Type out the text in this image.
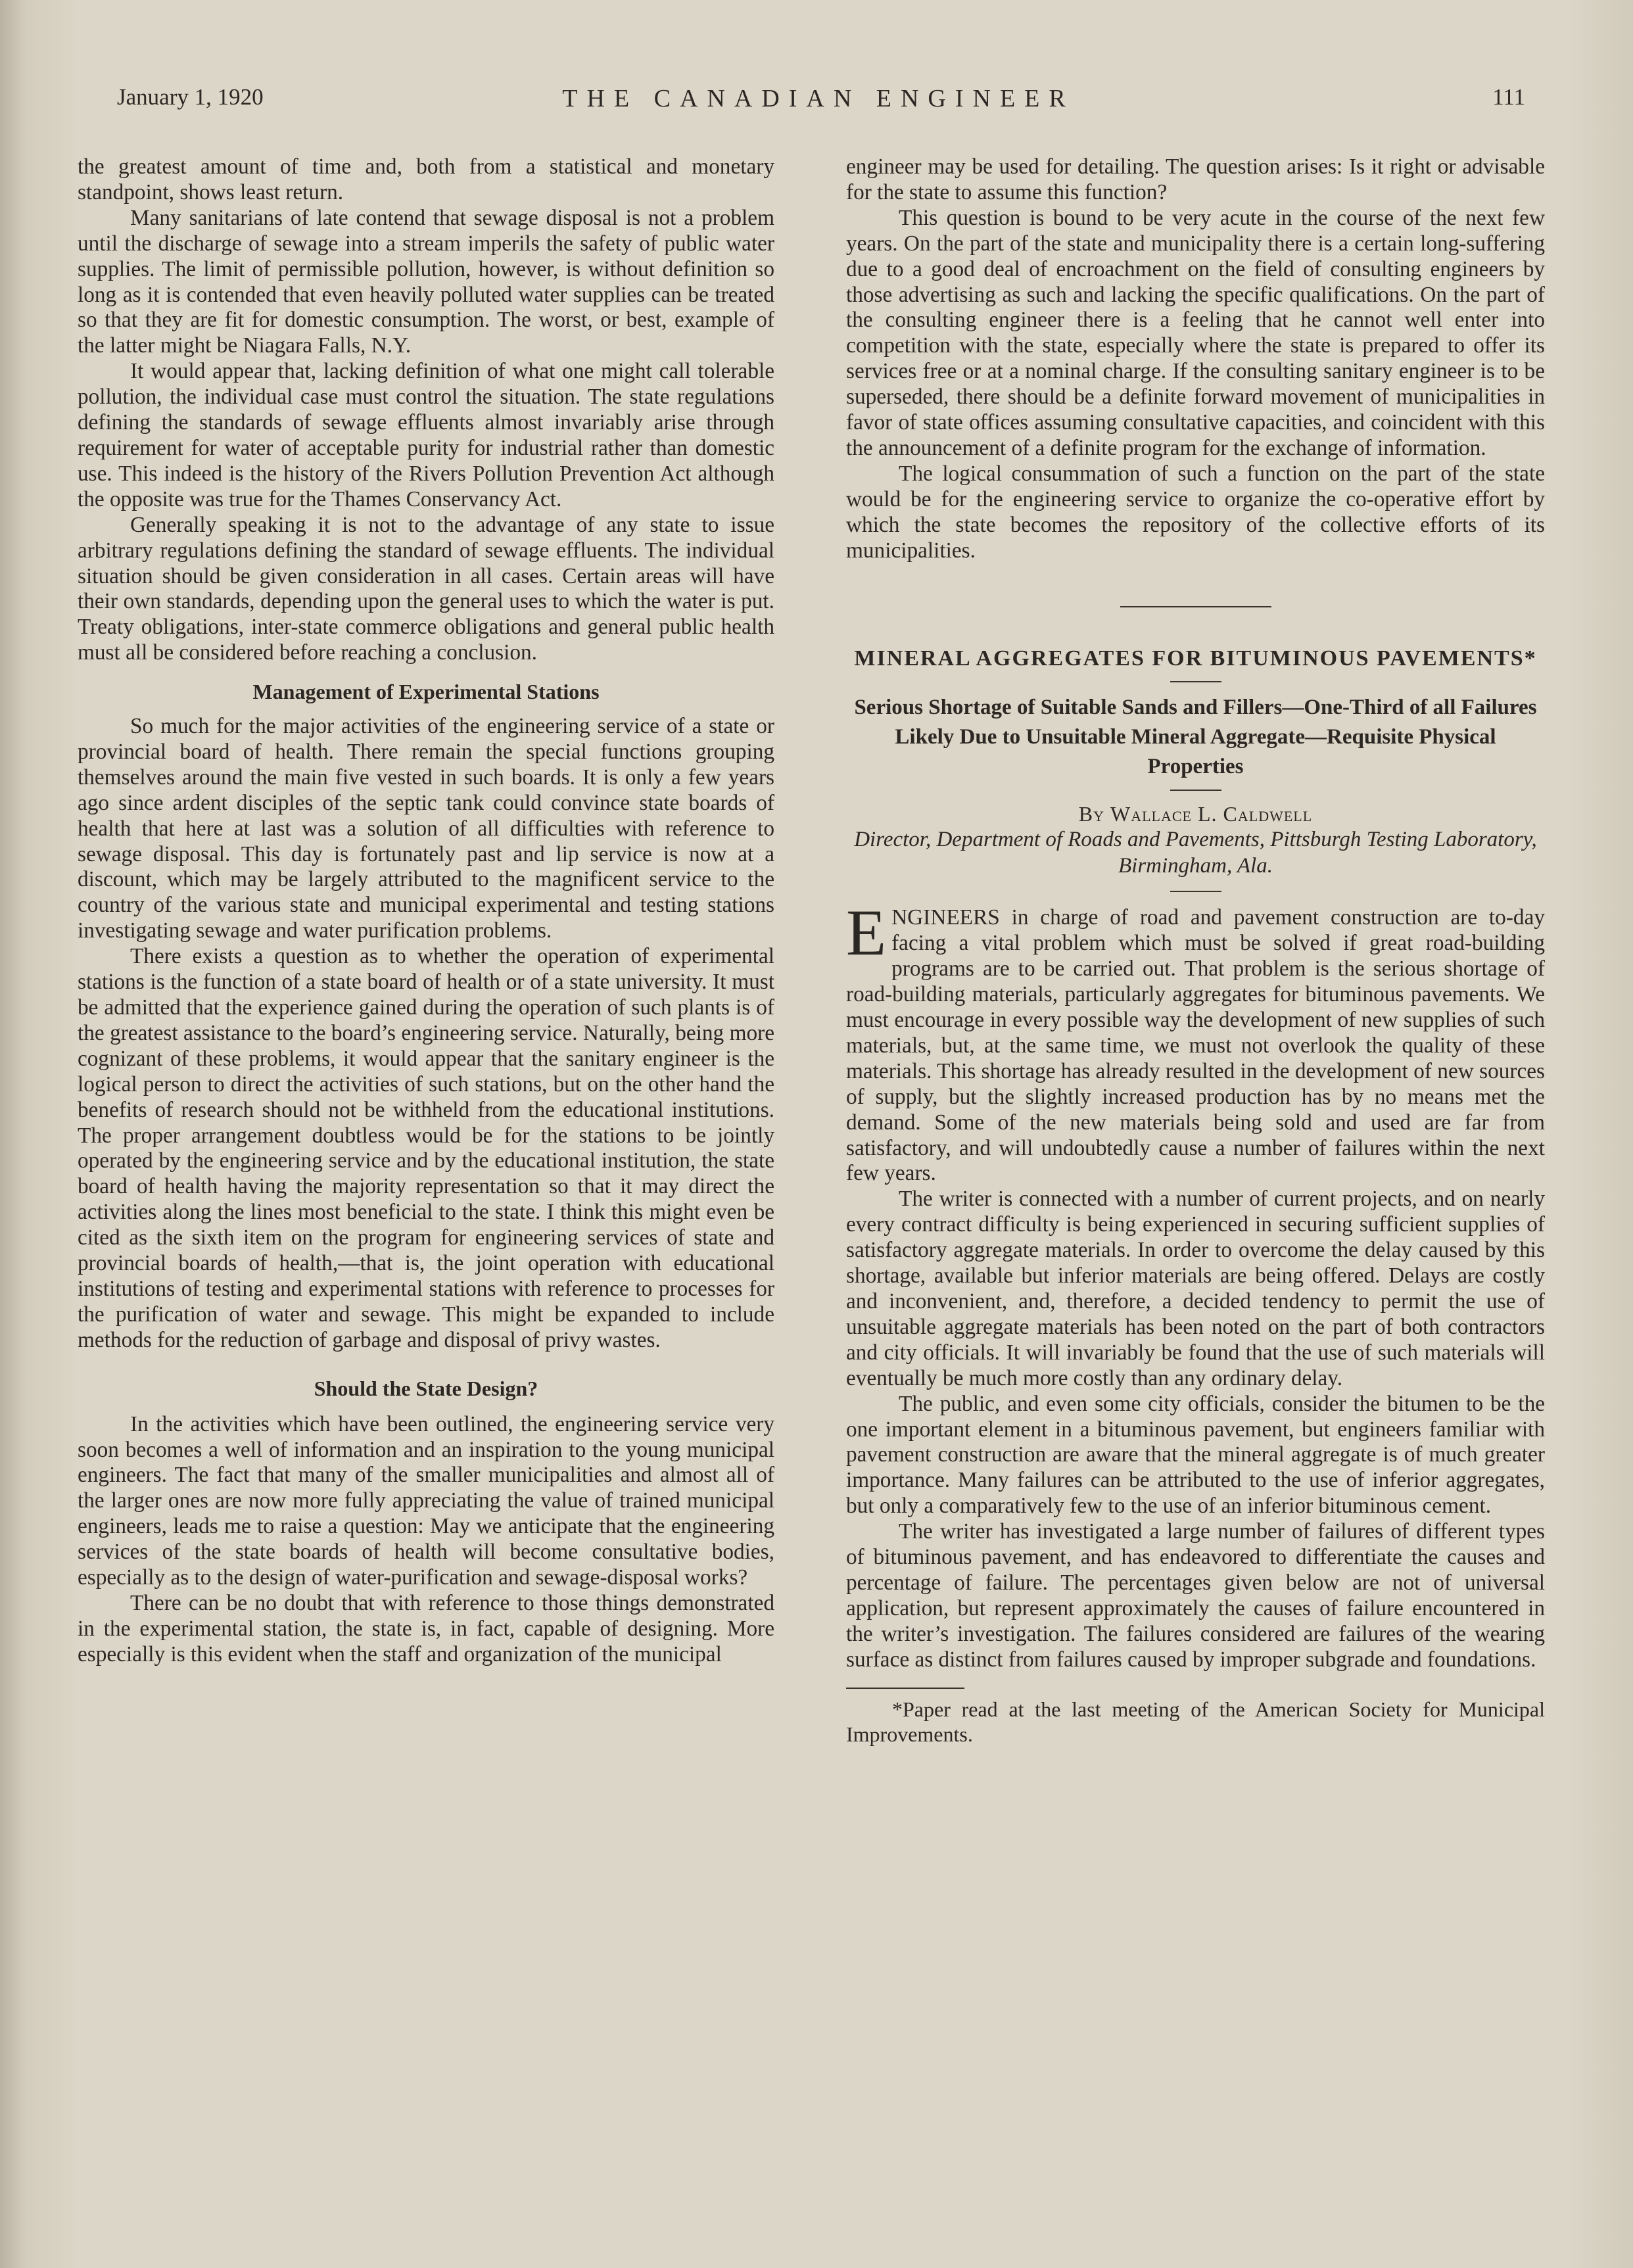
January 1, 1920	THE CANADIAN ENGINEER	111

the greatest amount of time and, both from a statistical and monetary standpoint, shows least return.

Many sanitarians of late contend that sewage disposal is not a problem until the discharge of sewage into a stream imperils the safety of public water supplies. The limit of permissible pollution, however, is without definition so long as it is contended that even heavily polluted water supplies can be treated so that they are fit for domestic consumption. The worst, or best, example of the latter might be Niagara Falls, N.Y.

It would appear that, lacking definition of what one might call tolerable pollution, the individual case must control the situation. The state regulations defining the standards of sewage effluents almost invariably arise through requirement for water of acceptable purity for industrial rather than domestic use. This indeed is the history of the Rivers Pollution Prevention Act although the opposite was true for the Thames Conservancy Act.

Generally speaking it is not to the advantage of any state to issue arbitrary regulations defining the standard of sewage effluents. The individual situation should be given consideration in all cases. Certain areas will have their own standards, depending upon the general uses to which the water is put. Treaty obligations, inter-state commerce obligations and general public health must all be considered before reaching a conclusion.

Management of Experimental Stations

So much for the major activities of the engineering service of a state or provincial board of health. There remain the special functions grouping themselves around the main five vested in such boards. It is only a few years ago since ardent disciples of the septic tank could convince state boards of health that here at last was a solution of all difficulties with reference to sewage disposal. This day is fortunately past and lip service is now at a discount, which may be largely attributed to the magnificent service to the country of the various state and municipal experimental and testing stations investigating sewage and water purification problems.

There exists a question as to whether the operation of experimental stations is the function of a state board of health or of a state university. It must be admitted that the experience gained during the operation of such plants is of the greatest assistance to the board’s engineering service. Naturally, being more cognizant of these problems, it would appear that the sanitary engineer is the logical person to direct the activities of such stations, but on the other hand the benefits of research should not be withheld from the educational institutions. The proper arrangement doubtless would be for the stations to be jointly operated by the engineering service and by the educational institution, the state board of health having the majority representation so that it may direct the activities along the lines most beneficial to the state. I think this might even be cited as the sixth item on the program for engineering services of state and provincial boards of health,—that is, the joint operation with educational institutions of testing and experimental stations with reference to processes for the purification of water and sewage. This might be expanded to include methods for the reduction of garbage and disposal of privy wastes.

Should the State Design?

In the activities which have been outlined, the engineering service very soon becomes a well of information and an inspiration to the young municipal engineers. The fact that many of the smaller municipalities and almost all of the larger ones are now more fully appreciating the value of trained municipal engineers, leads me to raise a question: May we anticipate that the engineering services of the state boards of health will become consultative bodies, especially as to the design of water-purification and sewage-disposal works?

There can be no doubt that with reference to those things demonstrated in the experimental station, the state is, in fact, capable of designing. More especially is this evident when the staff and organization of the municipal

engineer may be used for detailing. The question arises: Is it right or advisable for the state to assume this function?

This question is bound to be very acute in the course of the next few years. On the part of the state and municipality there is a certain long-suffering due to a good deal of encroachment on the field of consulting engineers by those advertising as such and lacking the specific qualifications. On the part of the consulting engineer there is a feeling that he cannot well enter into competition with the state, especially where the state is prepared to offer its services free or at a nominal charge. If the consulting sanitary engineer is to be superseded, there should be a definite forward movement of municipalities in favor of state offices assuming consultative capacities, and coincident with this the announcement of a definite program for the exchange of information.

The logical consummation of such a function on the part of the state would be for the engineering service to organize the co-operative effort by which the state becomes the repository of the collective efforts of its municipalities.

MINERAL AGGREGATES FOR BITUMINOUS PAVEMENTS*
Serious Shortage of Suitable Sands and Fillers—One-Third of all Failures Likely Due to Unsuitable Mineral Aggregate—Requisite Physical Properties
By Wallace L. Caldwell
Director, Department of Roads and Pavements, Pittsburgh Testing Laboratory, Birmingham, Ala.

ENGINEERS in charge of road and pavement construction are to-day facing a vital problem which must be solved if great road-building programs are to be carried out. That problem is the serious shortage of road-building materials, particularly aggregates for bituminous pavements. We must encourage in every possible way the development of new supplies of such materials, but, at the same time, we must not overlook the quality of these materials. This shortage has already resulted in the development of new sources of supply, but the slightly increased production has by no means met the demand. Some of the new materials being sold and used are far from satisfactory, and will undoubtedly cause a number of failures within the next few years.

The writer is connected with a number of current projects, and on nearly every contract difficulty is being experienced in securing sufficient supplies of satisfactory aggregate materials. In order to overcome the delay caused by this shortage, available but inferior materials are being offered. Delays are costly and inconvenient, and, therefore, a decided tendency to permit the use of unsuitable aggregate materials has been noted on the part of both contractors and city officials. It will invariably be found that the use of such materials will eventually be much more costly than any ordinary delay.

The public, and even some city officials, consider the bitumen to be the one important element in a bituminous pavement, but engineers familiar with pavement construction are aware that the mineral aggregate is of much greater importance. Many failures can be attributed to the use of inferior aggregates, but only a comparatively few to the use of an inferior bituminous cement.

The writer has investigated a large number of failures of different types of bituminous pavement, and has endeavored to differentiate the causes and percentage of failure. The percentages given below are not of universal application, but represent approximately the causes of failure encountered in the writer’s investigation. The failures considered are failures of the wearing surface as distinct from failures caused by improper subgrade and foundations.

*Paper read at the last meeting of the American Society for Municipal Improvements.
